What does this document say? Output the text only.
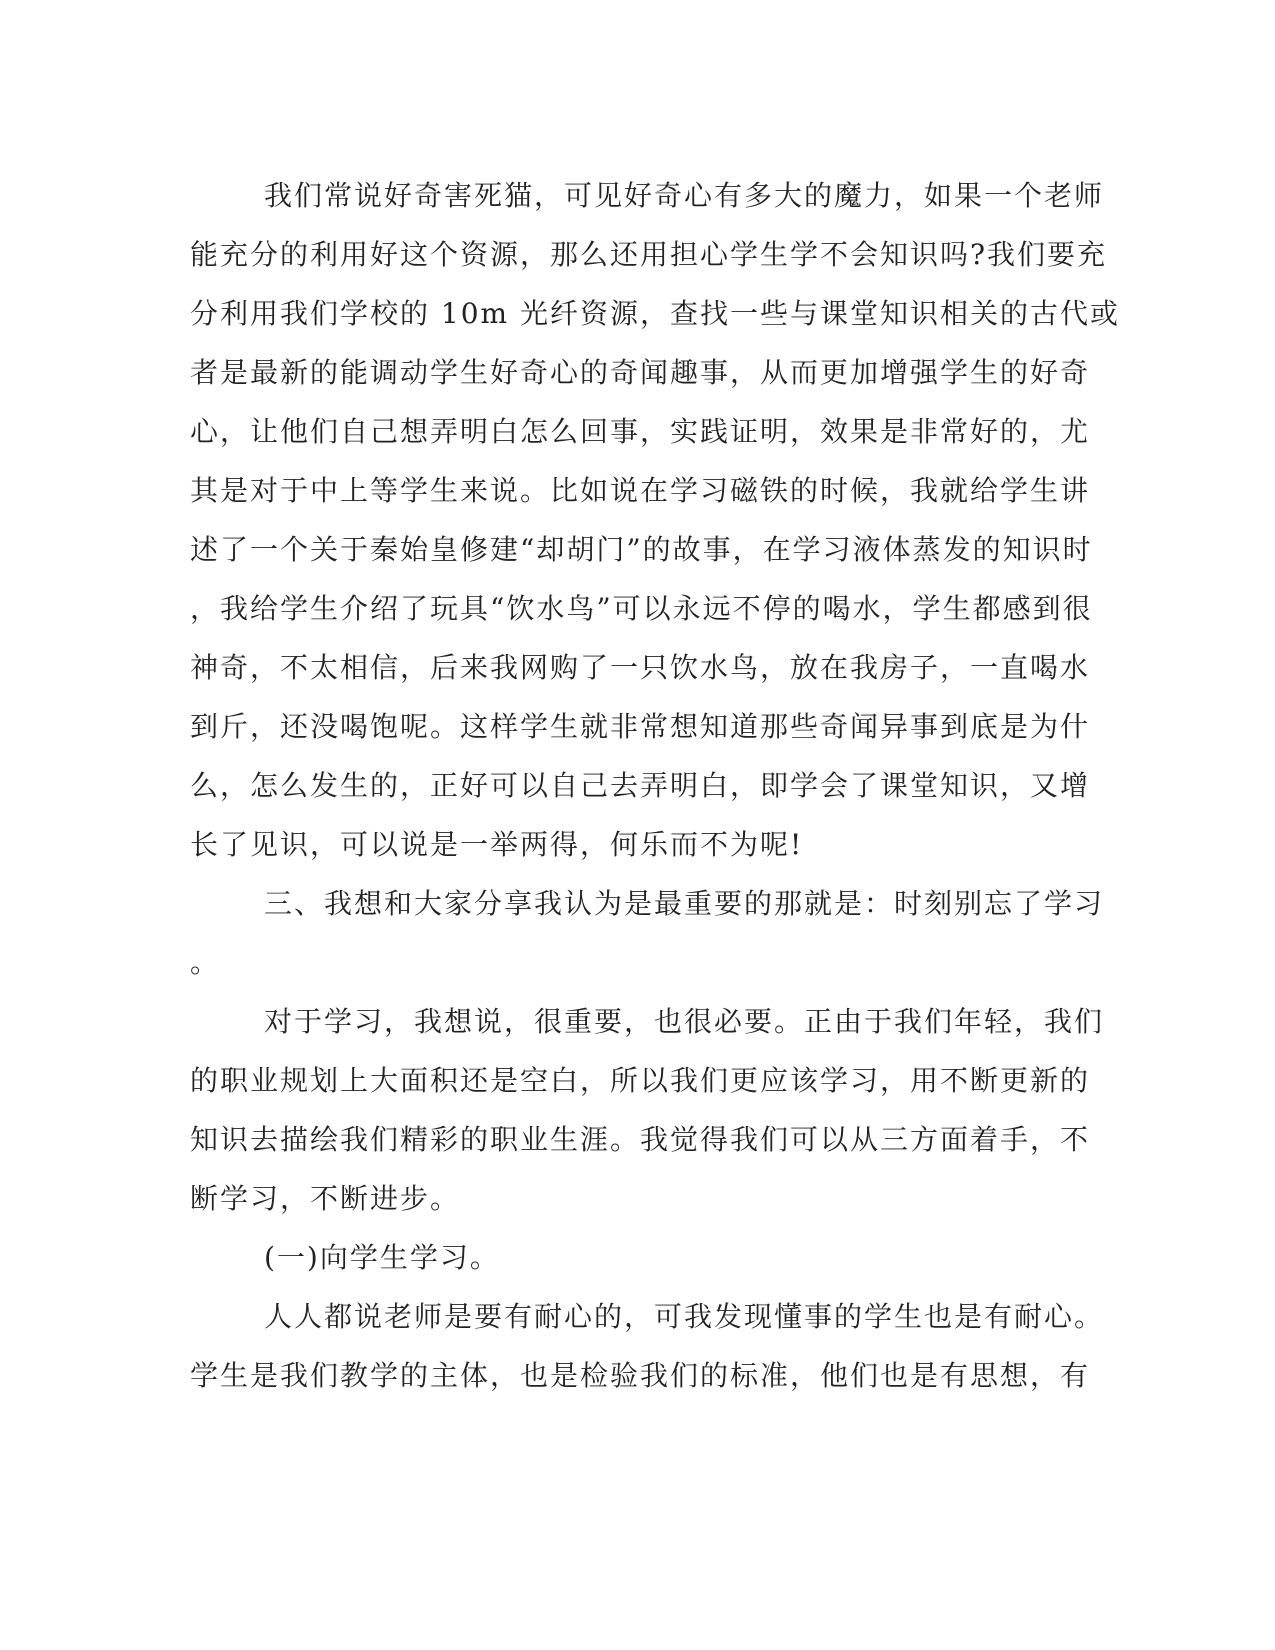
我们常说好奇害死猫，可见好奇心有多大的魔力，如果一个老师
能充分的利用好这个资源，那么还用担心学生学不会知识吗?我们要充
分利用我们学校的 10m 光纤资源，查找一些与课堂知识相关的古代或
者是最新的能调动学生好奇心的奇闻趣事，从而更加增强学生的好奇
心，让他们自己想弄明白怎么回事，实践证明，效果是非常好的，尤
其是对于中上等学生来说。比如说在学习磁铁的时候，我就给学生讲
述了一个关于秦始皇修建“却胡门”的故事，在学习液体蒸发的知识时
，我给学生介绍了玩具“饮水鸟”可以永远不停的喝水，学生都感到很
神奇，不太相信，后来我网购了一只饮水鸟，放在我房子，一直喝水
到斤，还没喝饱呢。这样学生就非常想知道那些奇闻异事到底是为什
么，怎么发生的，正好可以自己去弄明白，即学会了课堂知识，又增
长了见识，可以说是一举两得，何乐而不为呢!
三、我想和大家分享我认为是最重要的那就是：时刻别忘了学习
。
对于学习，我想说，很重要，也很必要。正由于我们年轻，我们
的职业规划上大面积还是空白，所以我们更应该学习，用不断更新的
知识去描绘我们精彩的职业生涯。我觉得我们可以从三方面着手，不
断学习，不断进步。
(一)向学生学习。
人人都说老师是要有耐心的，可我发现懂事的学生也是有耐心。
学生是我们教学的主体，也是检验我们的标准，他们也是有思想，有
